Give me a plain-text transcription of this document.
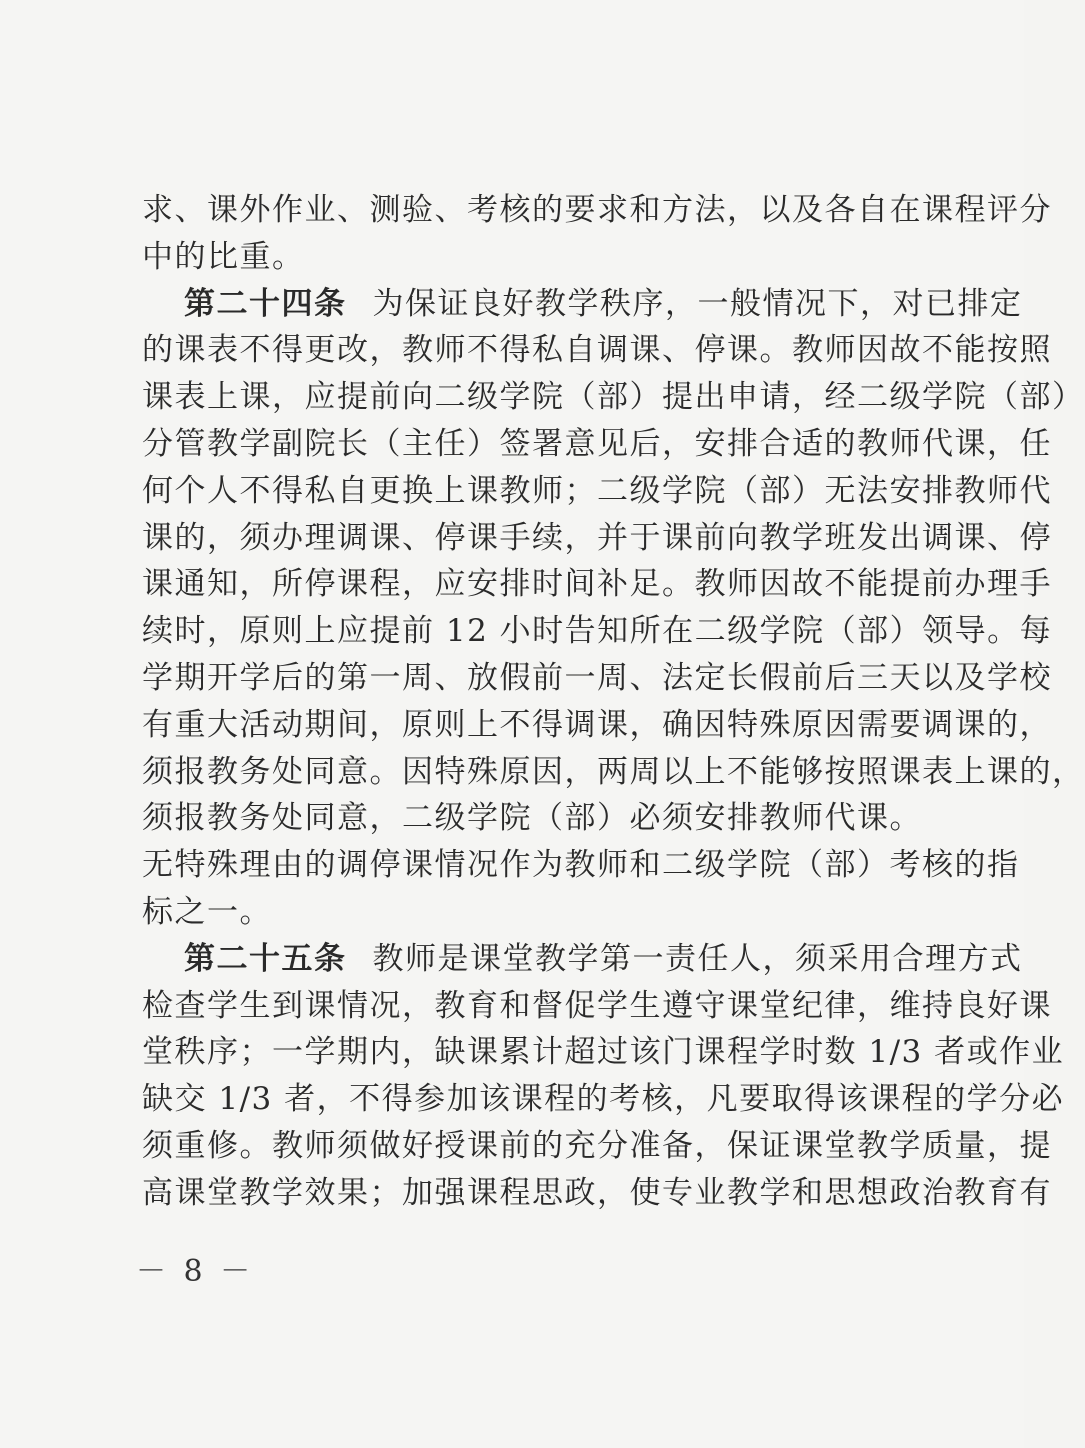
求、课外作业、测验、考核的要求和方法，以及各自在课程评分
中的比重。
第二十四条 为保证良好教学秩序，一般情况下，对已排定
的课表不得更改，教师不得私自调课、停课。教师因故不能按照
课表上课，应提前向二级学院（部）提出申请，经二级学院（部）
分管教学副院长（主任）签署意见后，安排合适的教师代课，任
何个人不得私自更换上课教师；二级学院（部）无法安排教师代
课的，须办理调课、停课手续，并于课前向教学班发出调课、停
课通知，所停课程，应安排时间补足。教师因故不能提前办理手
续时，原则上应提前 12 小时告知所在二级学院（部）领导。每
学期开学后的第一周、放假前一周、法定长假前后三天以及学校
有重大活动期间，原则上不得调课，确因特殊原因需要调课的，
须报教务处同意。因特殊原因，两周以上不能够按照课表上课的，
须报教务处同意，二级学院（部）必须安排教师代课。
无特殊理由的调停课情况作为教师和二级学院（部）考核的指
标之一。
第二十五条 教师是课堂教学第一责任人，须采用合理方式
检查学生到课情况，教育和督促学生遵守课堂纪律，维持良好课
堂秩序；一学期内，缺课累计超过该门课程学时数 1/3 者或作业
缺交 1/3 者，不得参加该课程的考核，凡要取得该课程的学分必
须重修。教师须做好授课前的充分准备，保证课堂教学质量，提
高课堂教学效果；加强课程思政，使专业教学和思想政治教育有
－ 8 －
